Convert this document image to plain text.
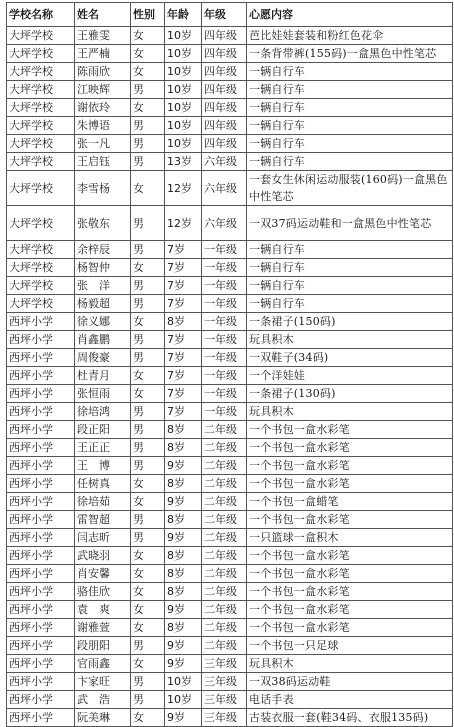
学校名称	姓名	性别	年龄	年级	心愿内容
大坪学校	王雅雯	女	10岁	四年级	芭比娃娃套装和粉红色花伞
大坪学校	王严楠	女	10岁	四年级	一条背带裤(155码)一盒黑色中性笔芯
大坪学校	陈雨欣	女	10岁	四年级	一辆自行车
大坪学校	江映辉	男	10岁	四年级	一辆自行车
大坪学校	谢依玲	女	10岁	四年级	一辆自行车
大坪学校	朱博语	男	10岁	四年级	一辆自行车
大坪学校	张一凡	男	10岁	四年级	一辆自行车
大坪学校	王启钰	男	13岁	六年级	一辆自行车
大坪学校	李雪杨	女	12岁	六年级	一套女生休闲运动服装(160码)一盒黑色中性笔芯
大坪学校	张敬东	男	12岁	六年级	一双37码运动鞋和一盒黑色中性笔芯
大坪学校	余梓辰	男	7岁	一年级	一辆自行车
大坪学校	杨智仲	女	7岁	一年级	一辆自行车
大坪学校	张　洋	男	7岁	一年级	一辆自行车
大坪学校	杨毅超	男	7岁	一年级	一辆自行车
西坪小学	徐义娜	女	8岁	一年级	一条裙子(150码)
西坪小学	肖鑫鹏	男	7岁	一年级	玩具积木
西坪小学	周俊豪	男	7岁	一年级	一双鞋子(34码)
西坪小学	杜青月	女	7岁	一年级	一个洋娃娃
西坪小学	张恒雨	女	7岁	一年级	一条裙子(130码)
西坪小学	徐培鸿	男	7岁	一年级	玩具积木
西坪小学	段正阳	男	8岁	二年级	一个书包一盒水彩笔
西坪小学	王正正	男	8岁	二年级	一个书包一盒水彩笔
西坪小学	王　博	男	9岁	二年级	一个书包一盒水彩笔
西坪小学	任树真	女	8岁	二年级	一个书包一盒水彩笔
西坪小学	徐培茹	女	9岁	二年级	一个书包一盒蜡笔
西坪小学	雷智超	男	8岁	二年级	一个书包一盒水彩笔
西坪小学	闫志昕	男	9岁	二年级	一只篮球一盒积木
西坪小学	武晓羽	女	8岁	二年级	一个书包一盒水彩笔
西坪小学	肖安馨	女	8岁	二年级	一个书包一盒水彩笔
西坪小学	骆佳欣	女	8岁	二年级	一个书包一盒水彩笔
西坪小学	袁　爽	女	9岁	二年级	一个书包一盒水彩笔
西坪小学	谢雅萱	女	8岁	二年级	一个书包一盒水彩笔
西坪小学	段朋阳	男	9岁	二年级	一个书包一只足球
西坪小学	官雨鑫	女	9岁	三年级	玩具积木
西坪小学	卞家旺	男	10岁	三年级	一双38码运动鞋
西坪小学	武　浩	男	10岁	三年级	电话手表
西坪小学	阮美琳	女	9岁	三年级	古装衣服一套(鞋34码、衣服135码)
